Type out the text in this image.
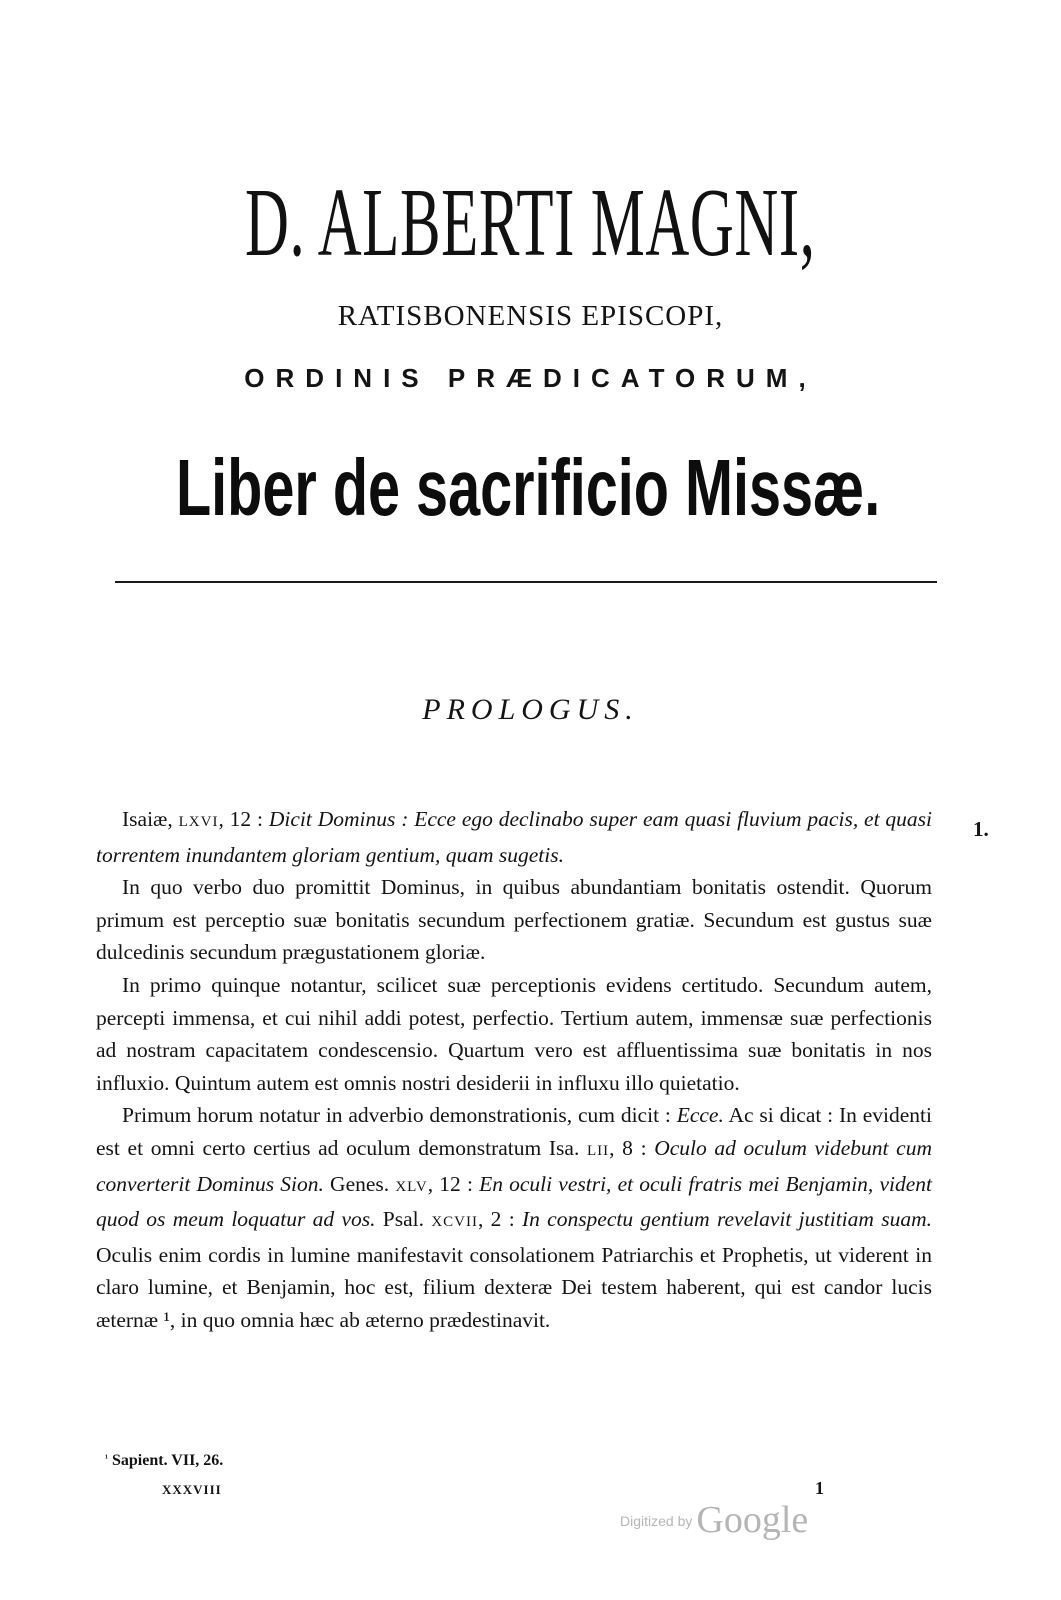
D. ALBERTI MAGNI,
RATISBONENSIS EPISCOPI,
ORDINIS PRÆDICATORUM,
Liber de sacrificio Missæ.
PROLOGUS.
1.

Isaiæ, LXVI, 12 : Dicit Dominus : Ecce ego declinabo super eam quasi fluvium pacis, et quasi torrentem inundantem gloriam gentium, quam sugetis.

In quo verbo duo promittit Dominus, in quibus abundantiam bonitatis ostendit. Quorum primum est perceptio suæ bonitatis secundum perfectionem gratiæ. Secundum est gustus suæ dulcedinis secundum prægustationem gloriæ.

In primo quinque notantur, scilicet suæ perceptionis evidens certitudo. Secundum autem, percepti immensa, et cui nihil addi potest, perfectio. Tertium autem, immensæ suæ perfectionis ad nostram capacitatem condescensio. Quartum vero est affluentissima suæ bonitatis in nos influxio. Quintum autem est omnis nostri desiderii in influxu illo quietatio.

Primum horum notatur in adverbio demonstrationis, cum dicit : Ecce. Ac si dicat : In evidenti est et omni certo certius ad oculum demonstratum Isa. LII, 8 : Oculo ad oculum videbunt cum converterit Dominus Sion. Genes. XLV, 12 : En oculi vestri, et oculi fratris mei Benjamin, vident quod os meum loquatur ad vos. Psal. XCVII, 2 : In conspectu gentium revelavit justitiam suam. Oculis enim cordis in lumine manifestavit consolationem Patriarchis et Prophetis, ut viderent in claro lumine, et Benjamin, hoc est, filium dexteræ Dei testem haberent, qui est candor lucis æternæ ¹, in quo omnia hæc ab æterno prædestinavit.

$^{^1}$ Sapient. VII, 26.
XXXVIII	1
Digitized by Google
